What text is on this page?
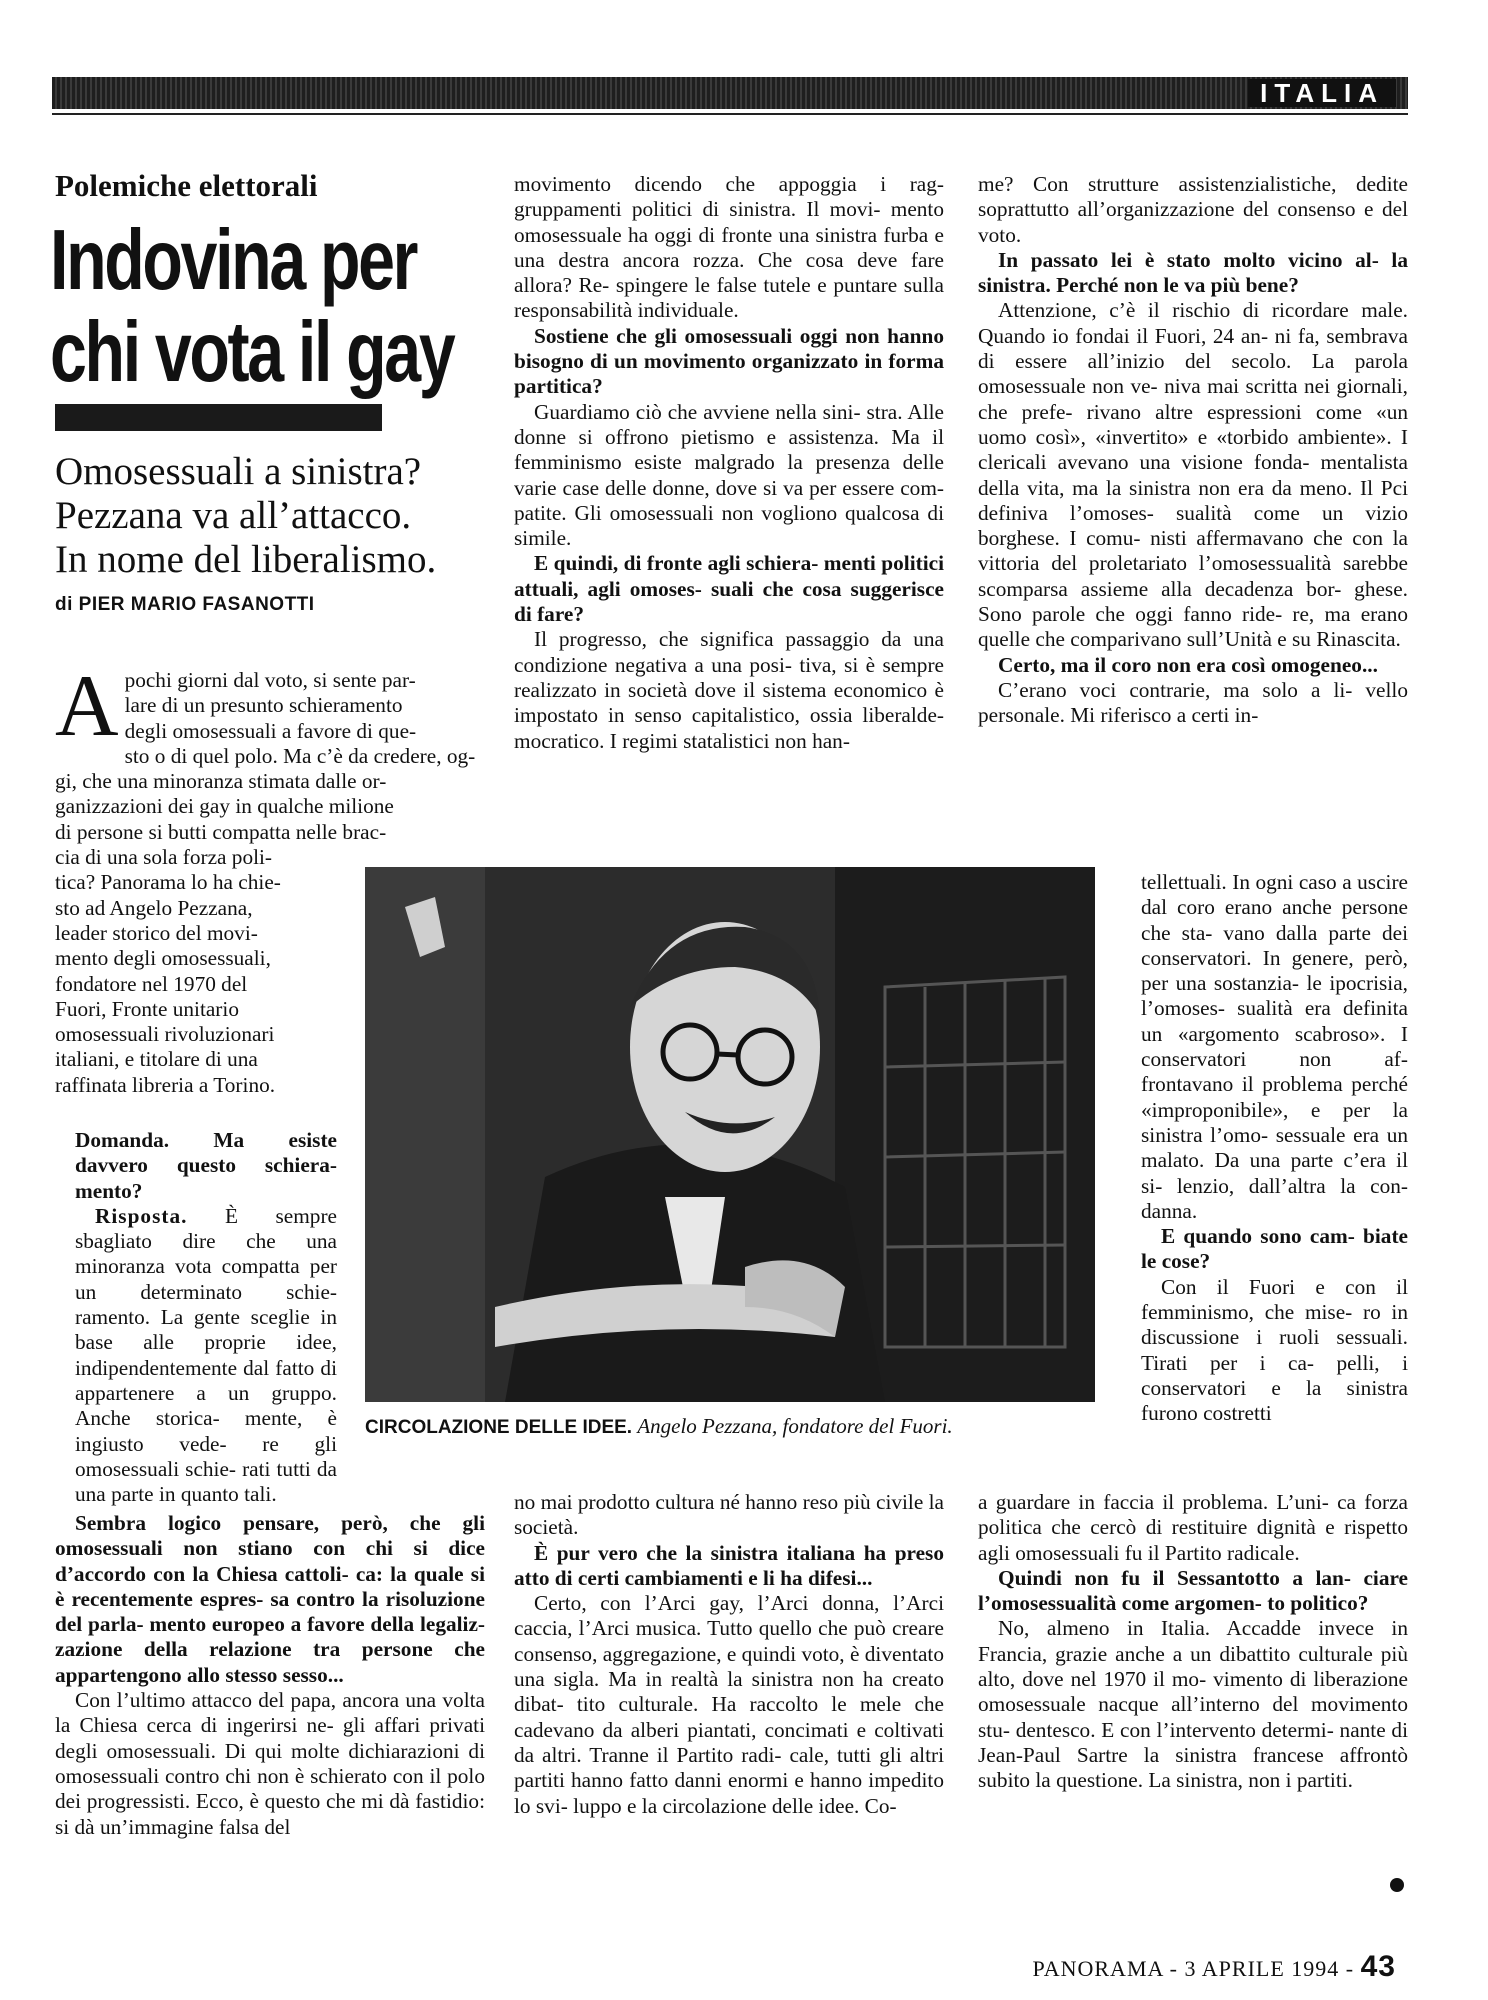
ITALIA
Polemiche elettorali
Indovina per
chi vota il gay
Omosessuali a sinistra?
Pezzana va all’attacco.
In nome del liberalismo.
di PIER MARIO FASANOTTI
A pochi giorni dal voto, si sente par-
lare di un presunto schieramento
degli omosessuali a favore di que-
sto o di quel polo. Ma c’è da credere, og-
gi, che una minoranza stimata dalle or-
ganizzazioni dei gay in qualche milione
di persone si butti compatta nelle brac-
cia di una sola forza poli-
tica? Panorama lo ha chie-
sto ad Angelo Pezzana,
leader storico del movi-
mento degli omosessuali,
fondatore nel 1970 del
Fuori, Fronte unitario
omosessuali rivoluzionari
italiani, e titolare di una
raffinata libreria a Torino.

Domanda. Ma esiste davvero questo schiera- mento?

Risposta. È sempre sbagliato dire che una minoranza vota compatta per un determinato schie- ramento. La gente sceglie in base alle proprie idee, indipendentemente dal fatto di appartenere a un gruppo. Anche storica- mente, è ingiusto vede- re gli omosessuali schie- rati tutti da una parte in quanto tali.

Sembra logico pensare, però, che gli omosessuali non stiano con chi si dice d’accordo con la Chiesa cattoli- ca: la quale si è recentemente espres- sa contro la risoluzione del parla- mento europeo a favore della legaliz- zazione della relazione tra persone che appartengono allo stesso sesso...

Con l’ultimo attacco del papa, ancora una volta la Chiesa cerca di ingerirsi ne- gli affari privati degli omosessuali. Di qui molte dichiarazioni di omosessuali contro chi non è schierato con il polo dei progressisti. Ecco, è questo che mi dà fastidio: si dà un’immagine falsa del

movimento dicendo che appoggia i rag- gruppamenti politici di sinistra. Il movi- mento omosessuale ha oggi di fronte una sinistra furba e una destra ancora rozza. Che cosa deve fare allora? Re- spingere le false tutele e puntare sulla responsabilità individuale.

Sostiene che gli omosessuali oggi non hanno bisogno di un movimento organizzato in forma partitica?

Guardiamo ciò che avviene nella sini- stra. Alle donne si offrono pietismo e assistenza. Ma il femminismo esiste malgrado la presenza delle varie case delle donne, dove si va per essere com- patite. Gli omosessuali non vogliono qualcosa di simile.

E quindi, di fronte agli schiera- menti politici attuali, agli omoses- suali che cosa suggerisce di fare?

Il progresso, che significa passaggio da una condizione negativa a una posi- tiva, si è sempre realizzato in società dove il sistema economico è impostato in senso capitalistico, ossia liberalde- mocratico. I regimi statalistici non han-

CIRCOLAZIONE DELLE IDEE. Angelo Pezzana, fondatore del Fuori.

no mai prodotto cultura né hanno reso più civile la società.

È pur vero che la sinistra italiana ha preso atto di certi cambiamenti e li ha difesi...

Certo, con l’Arci gay, l’Arci donna, l’Arci caccia, l’Arci musica. Tutto quello che può creare consenso, aggregazione, e quindi voto, è diventato una sigla. Ma in realtà la sinistra non ha creato dibat- tito culturale. Ha raccolto le mele che cadevano da alberi piantati, concimati e coltivati da altri. Tranne il Partito radi- cale, tutti gli altri partiti hanno fatto danni enormi e hanno impedito lo svi- luppo e la circolazione delle idee. Co-

me? Con strutture assistenzialistiche, dedite soprattutto all’organizzazione del consenso e del voto.

In passato lei è stato molto vicino al- la sinistra. Perché non le va più bene?

Attenzione, c’è il rischio di ricordare male. Quando io fondai il Fuori, 24 an- ni fa, sembrava di essere all’inizio del secolo. La parola omosessuale non ve- niva mai scritta nei giornali, che prefe- rivano altre espressioni come «un uomo così», «invertito» e «torbido ambiente». I clericali avevano una visione fonda- mentalista della vita, ma la sinistra non era da meno. Il Pci definiva l’omoses- sualità come un vizio borghese. I comu- nisti affermavano che con la vittoria del proletariato l’omosessualità sarebbe scomparsa assieme alla decadenza bor- ghese. Sono parole che oggi fanno ride- re, ma erano quelle che comparivano sull’Unità e su Rinascita.

Certo, ma il coro non era così omogeneo...

C’erano voci contrarie, ma solo a li- vello personale. Mi riferisco a certi in-

tellettuali. In ogni caso a uscire dal coro erano anche persone che sta- vano dalla parte dei conservatori. In genere, però, per una sostanzia- le ipocrisia, l’omoses- sualità era definita un «argomento scabroso». I conservatori non af- frontavano il problema perché «improponibile», e per la sinistra l’omo- sessuale era un malato. Da una parte c’era il si- lenzio, dall’altra la con- danna.

E quando sono cam- biate le cose?

Con il Fuori e con il femminismo, che mise- ro in discussione i ruoli sessuali. Tirati per i ca- pelli, i conservatori e la sinistra furono costretti

a guardare in faccia il problema. L’uni- ca forza politica che cercò di restituire dignità e rispetto agli omosessuali fu il Partito radicale.

Quindi non fu il Sessantotto a lan- ciare l’omosessualità come argomen- to politico?

No, almeno in Italia. Accadde invece in Francia, grazie anche a un dibattito culturale più alto, dove nel 1970 il mo- vimento di liberazione omosessuale nacque all’interno del movimento stu- dentesco. E con l’intervento determi- nante di Jean-Paul Sartre la sinistra francese affrontò subito la questione. La sinistra, non i partiti.

PANORAMA - 3 APRILE 1994 - 43
